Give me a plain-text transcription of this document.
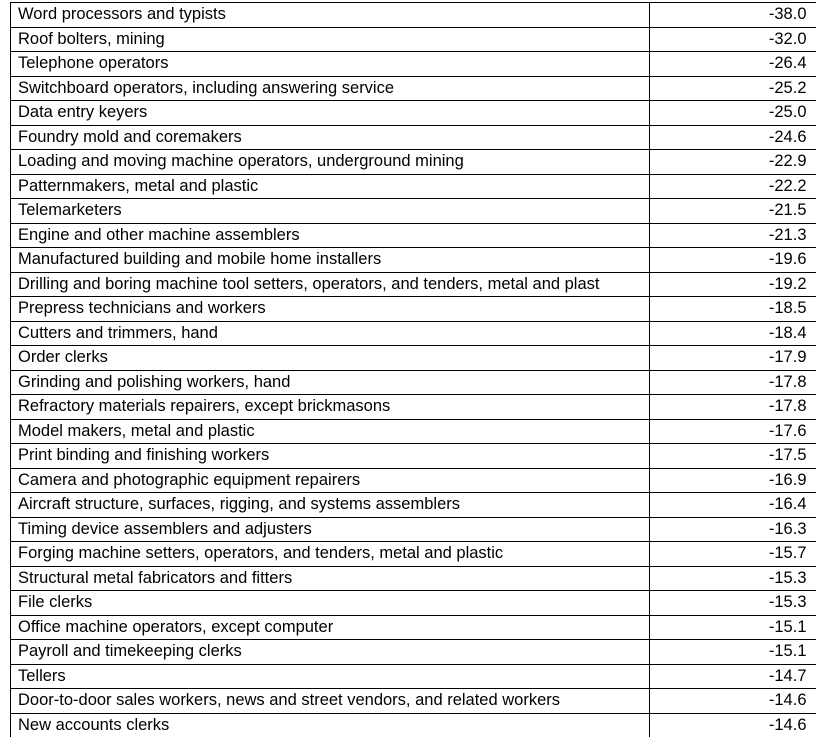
Word processors and typists	-38.0
Roof bolters, mining	-32.0
Telephone operators	-26.4
Switchboard operators, including answering service	-25.2
Data entry keyers	-25.0
Foundry mold and coremakers	-24.6
Loading and moving machine operators, underground mining	-22.9
Patternmakers, metal and plastic	-22.2
Telemarketers	-21.5
Engine and other machine assemblers	-21.3
Manufactured building and mobile home installers	-19.6
Drilling and boring machine tool setters, operators, and tenders, metal and plast	-19.2
Prepress technicians and workers	-18.5
Cutters and trimmers, hand	-18.4
Order clerks	-17.9
Grinding and polishing workers, hand	-17.8
Refractory materials repairers, except brickmasons	-17.8
Model makers, metal and plastic	-17.6
Print binding and finishing workers	-17.5
Camera and photographic equipment repairers	-16.9
Aircraft structure, surfaces, rigging, and systems assemblers	-16.4
Timing device assemblers and adjusters	-16.3
Forging machine setters, operators, and tenders, metal and plastic	-15.7
Structural metal fabricators and fitters	-15.3
File clerks	-15.3
Office machine operators, except computer	-15.1
Payroll and timekeeping clerks	-15.1
Tellers	-14.7
Door-to-door sales workers, news and street vendors, and related workers	-14.6
New accounts clerks	-14.6
